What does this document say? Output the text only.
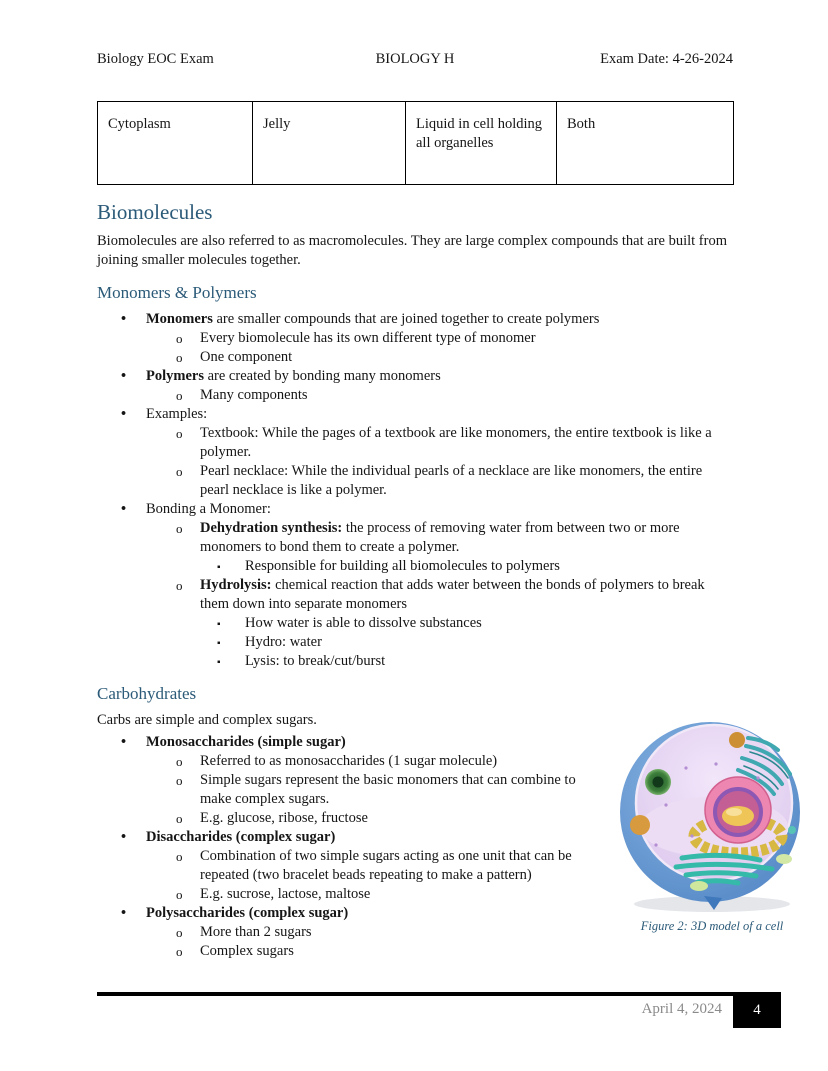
Biology EOC Exam	BIOLOGY H	Exam Date: 4-26-2024
Cytoplasm	Jelly	Liquid in cell holding all organelles	Both
Biomolecules
Biomolecules are also referred to as macromolecules. They are large complex compounds that are built from joining smaller molecules together.
Monomers & Polymers
•
Monomers are smaller compounds that are joined together to create polymers
o
Every biomolecule has its own different type of monomer
o
One component
•
Polymers are created by bonding many monomers
o
Many components
•
Examples:
o
Textbook: While the pages of a textbook are like monomers, the entire textbook is like a polymer.
o
Pearl necklace: While the individual pearls of a necklace are like monomers, the entire pearl necklace is like a polymer.
•
Bonding a Monomer:
o
Dehydration synthesis: the process of removing water from between two or more monomers to bond them to create a polymer.
▪
Responsible for building all biomolecules to polymers
o
Hydrolysis: chemical reaction that adds water between the bonds of polymers to break them down into separate monomers
▪
How water is able to dissolve substances
▪
Hydro: water
▪
Lysis: to break/cut/burst
Carbohydrates
Carbs are simple and complex sugars.
•
Monosaccharides (simple sugar)
o
Referred to as monosaccharides (1 sugar molecule)
o
Simple sugars represent the basic monomers that can combine to make complex sugars.
o
E.g. glucose, ribose, fructose
•
Disaccharides (complex sugar)
o
Combination of two simple sugars acting as one unit that can be repeated (two bracelet beads repeating to make a pattern)
o
E.g. sucrose, lactose, maltose
•
Polysaccharides (complex sugar)
o
More than 2 sugars
o
Complex sugars
Figure 2: 3D model of a cell
April 4, 2024	4
